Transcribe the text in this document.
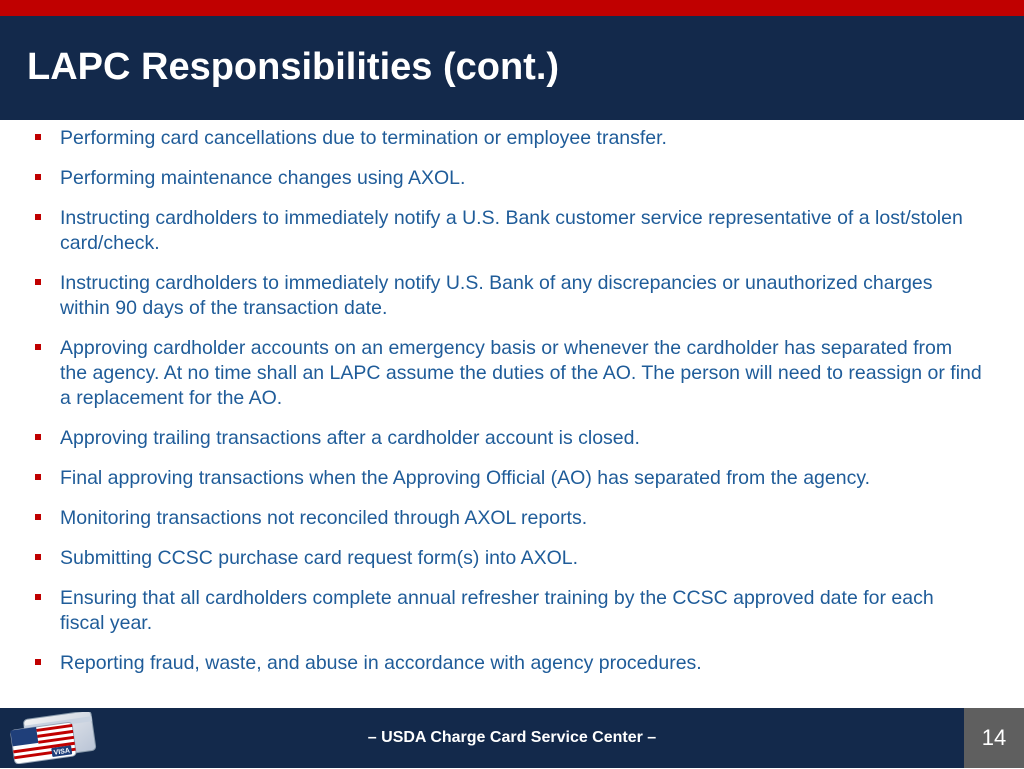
LAPC Responsibilities (cont.)
Performing card cancellations due to termination or employee transfer.
Performing maintenance changes using AXOL.
Instructing cardholders to immediately notify a U.S. Bank customer service representative of a lost/stolen card/check.
Instructing cardholders to immediately notify U.S. Bank of any discrepancies or unauthorized charges within 90 days of the transaction date.
Approving cardholder accounts on an emergency basis or whenever the cardholder has separated from the agency. At no time shall an LAPC assume the duties of the AO. The person will need to reassign or find a replacement for the AO.
Approving trailing transactions after a cardholder account is closed.
Final approving transactions when the Approving Official (AO) has separated from the agency.
Monitoring transactions not reconciled through AXOL reports.
Submitting CCSC purchase card request form(s) into AXOL.
Ensuring that all cardholders complete annual refresher training by the CCSC approved date for each fiscal year.
Reporting fraud, waste, and abuse in accordance with agency procedures.
– USDA Charge Card Service Center –
VISA
14
